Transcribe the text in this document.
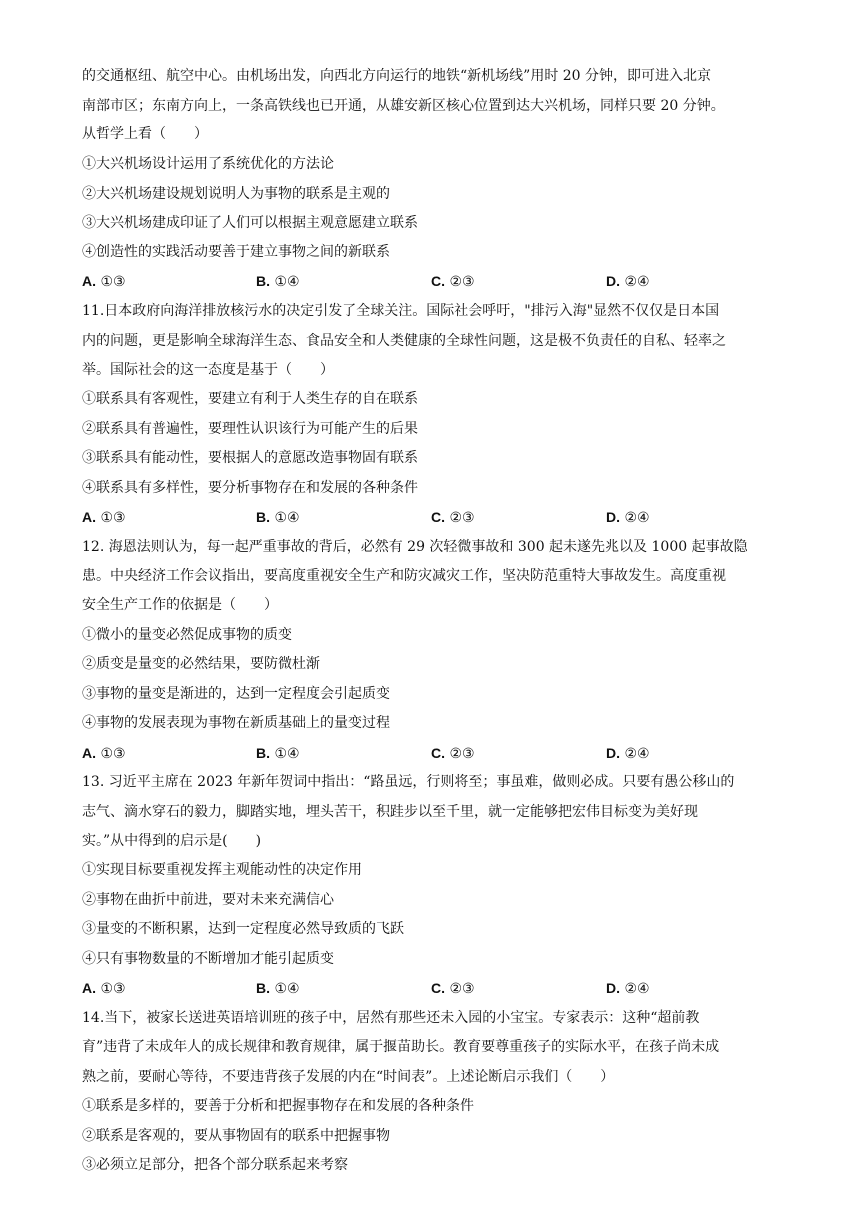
的交通枢纽、航空中心。由机场出发，向西北方向运行的地铁“新机场线”用时 20 分钟，即可进入北京
南部市区；东南方向上，一条高铁线也已开通，从雄安新区核心位置到达大兴机场，同样只要 20 分钟。
从哲学上看（　　）
①大兴机场设计运用了系统优化的方法论
②大兴机场建设规划说明人为事物的联系是主观的
③大兴机场建成印证了人们可以根据主观意愿建立联系
④创造性的实践活动要善于建立事物之间的新联系
A. ①③	B. ①④	C. ②③	D. ②④
11.日本政府向海洋排放核污水的决定引发了全球关注。国际社会呼吁，"排污入海"显然不仅仅是日本国
内的问题，更是影响全球海洋生态、食品安全和人类健康的全球性问题，这是极不负责任的自私、轻率之
举。国际社会的这一态度是基于（　　）
①联系具有客观性，要建立有利于人类生存的自在联系
②联系具有普遍性，要理性认识该行为可能产生的后果
③联系具有能动性，要根据人的意愿改造事物固有联系
④联系具有多样性，要分析事物存在和发展的各种条件
A. ①③	B. ①④	C. ②③	D. ②④
12. 海恩法则认为，每一起严重事故的背后，必然有 29 次轻微事故和 300 起未遂先兆以及 1000 起事故隐
患。中央经济工作会议指出，要高度重视安全生产和防灾减灾工作，坚决防范重特大事故发生。高度重视
安全生产工作的依据是（　　）
①微小的量变必然促成事物的质变
②质变是量变的必然结果，要防微杜渐
③事物的量变是渐进的，达到一定程度会引起质变
④事物的发展表现为事物在新质基础上的量变过程
A. ①③	B. ①④	C. ②③	D. ②④
13. 习近平主席在 2023 年新年贺词中指出：“路虽远，行则将至；事虽难，做则必成。只要有愚公移山的
志气、滴水穿石的毅力，脚踏实地，埋头苦干，积跬步以至千里，就一定能够把宏伟目标变为美好现
实。”从中得到的启示是(　　)
①实现目标要重视发挥主观能动性的决定作用
②事物在曲折中前进，要对未来充满信心
③量变的不断积累，达到一定程度必然导致质的飞跃
④只有事物数量的不断增加才能引起质变
A. ①③	B. ①④	C. ②③	D. ②④
14.当下，被家长送进英语培训班的孩子中，居然有那些还未入园的小宝宝。专家表示：这种“超前教
育”违背了未成年人的成长规律和教育规律，属于揠苗助长。教育要尊重孩子的实际水平，在孩子尚未成
熟之前，要耐心等待，不要违背孩子发展的内在“时间表”。上述论断启示我们（　　）
①联系是多样的，要善于分析和把握事物存在和发展的各种条件
②联系是客观的，要从事物固有的联系中把握事物
③必须立足部分，把各个部分联系起来考察
